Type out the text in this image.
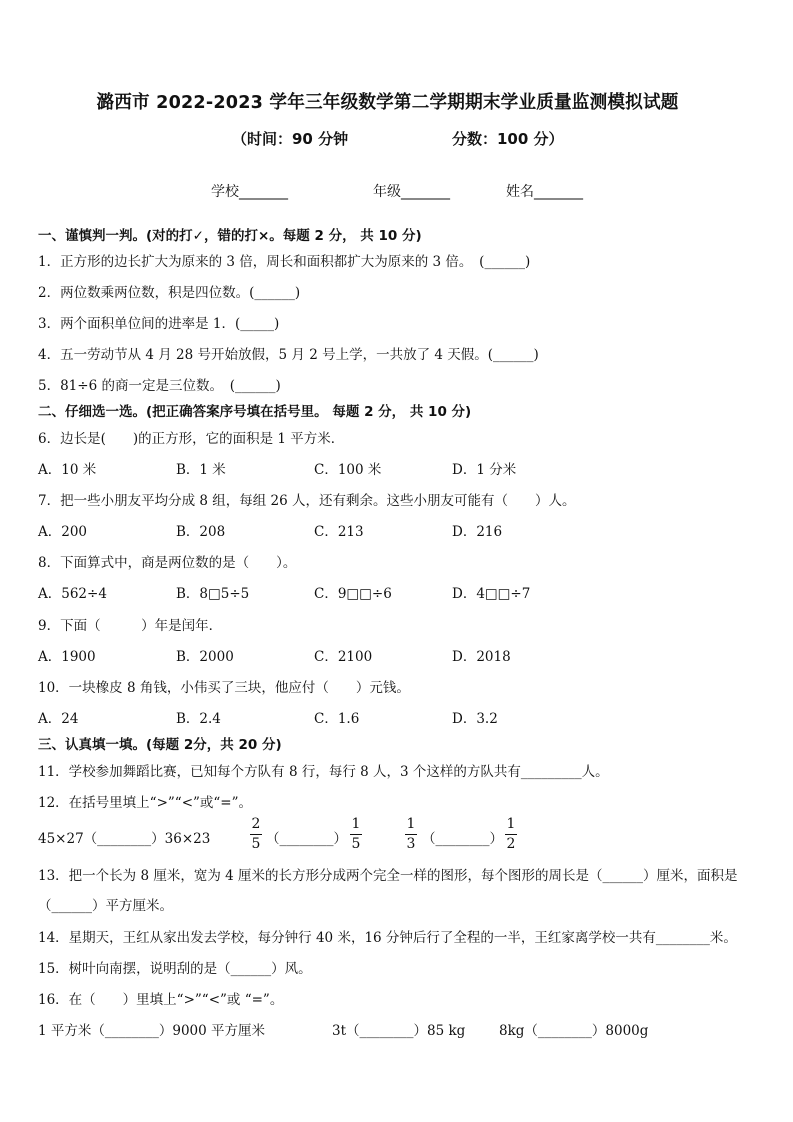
潞西市 2022-2023 学年三年级数学第二学期期末学业质量监测模拟试题
（时间：90 分钟	分数：100 分）
学校_______	年级_______	姓名_______
一、谨慎判一判。(对的打✓，错的打×。每题 2 分， 共 10 分)
1．正方形的边长扩大为原来的 3 倍，周长和面积都扩大为原来的 3 倍。　(______)
2．两位数乘两位数，积是四位数。(______)
3．两个面积单位间的进率是 1．(_____)
4．五一劳动节从 4 月 28 号开始放假，5 月 2 号上学，一共放了 4 天假。(______)
5．81÷6 的商一定是三位数。　(______)
二、仔细选一选。(把正确答案序号填在括号里。 每题 2 分， 共 10 分)
6．边长是(　　)的正方形，它的面积是 1 平方米．
A．10 米	B．1 米	C．100 米	D．1 分米
7．把一些小朋友平均分成 8 组，每组 26 人，还有剩余。这些小朋友可能有（　　）人。
A．200	B．208	C．213	D．216
8．下面算式中，商是两位数的是（　　）。
A．562÷4	B．8□5÷5	C．9□□÷6	D．4□□÷7
9．下面（　　　）年是闰年．
A．1900	B．2000	C．2100	D．2018
10．一块橡皮 8 角钱，小伟买了三块，他应付（　　）元钱。
A．24	B．2.4	C．1.6	D．3.2
三、认真填一填。(每题 2分，共 20 分)
11．学校参加舞蹈比赛，已知每个方队有 8 行，每行 8 人，3 个这样的方队共有_________人。
12．在括号里填上“>”“<”或“=”。
45×27（________）36×23
2
5 （________）
1
5
1
3 （________）
1
2
13．把一个长为 8 厘米，宽为 4 厘米的长方形分成两个完全一样的图形，每个图形的周长是（______）厘米，面积是
（______）平方厘米。
14．星期天，王红从家出发去学校，每分钟行 40 米，16 分钟后行了全程的一半，王红家离学校一共有________米。
15．树叶向南摆，说明刮的是（______）风。
16．在（　　）里填上“>”“<”或 “=”。
1 平方米（________）9000 平方厘米	3t（________）85 kg 8kg（________）8000g
